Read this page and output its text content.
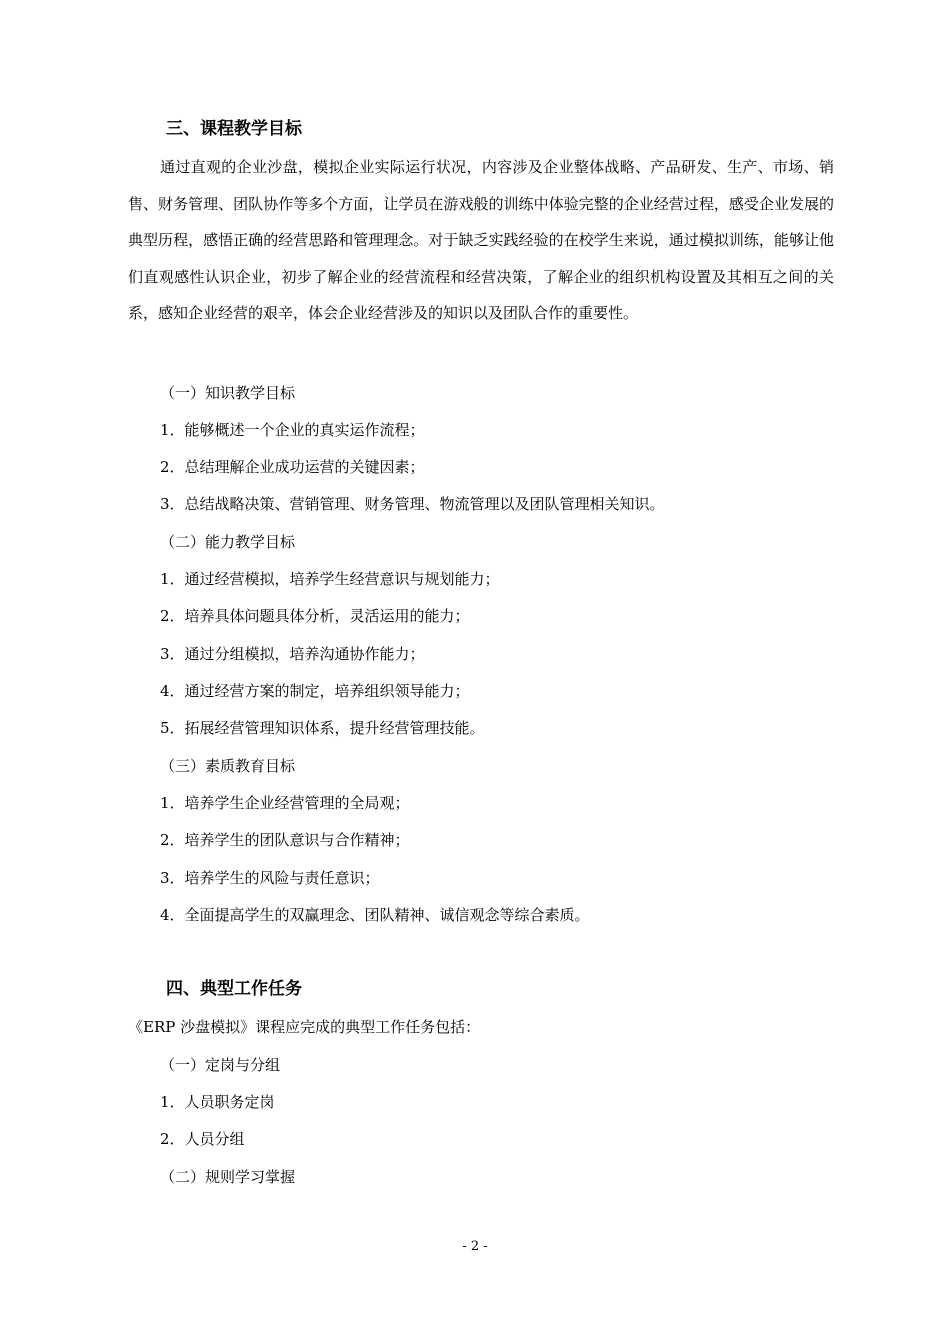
三、课程教学目标
通过直观的企业沙盘，模拟企业实际运行状况，内容涉及企业整体战略、产品研发、生产、市场、销售、财务管理、团队协作等多个方面，让学员在游戏般的训练中体验完整的企业经营过程，感受企业发展的典型历程，感悟正确的经营思路和管理理念。对于缺乏实践经验的在校学生来说，通过模拟训练，能够让他们直观感性认识企业，初步了解企业的经营流程和经营决策，了解企业的组织机构设置及其相互之间的关系，感知企业经营的艰辛，体会企业经营涉及的知识以及团队合作的重要性。
（一）知识教学目标
1．能够概述一个企业的真实运作流程；
2．总结理解企业成功运营的关键因素；
3．总结战略决策、营销管理、财务管理、物流管理以及团队管理相关知识。
（二）能力教学目标
1．通过经营模拟，培养学生经营意识与规划能力；
2．培养具体问题具体分析，灵活运用的能力；
3．通过分组模拟，培养沟通协作能力；
4．通过经营方案的制定，培养组织领导能力；
5．拓展经营管理知识体系，提升经营管理技能。
（三）素质教育目标
1．培养学生企业经营管理的全局观；
2．培养学生的团队意识与合作精神；
3．培养学生的风险与责任意识；
4．全面提高学生的双赢理念、团队精神、诚信观念等综合素质。
四、典型工作任务
《ERP 沙盘模拟》课程应完成的典型工作任务包括：
（一）定岗与分组
1．人员职务定岗
2．人员分组
（二）规则学习掌握
- 2 -
